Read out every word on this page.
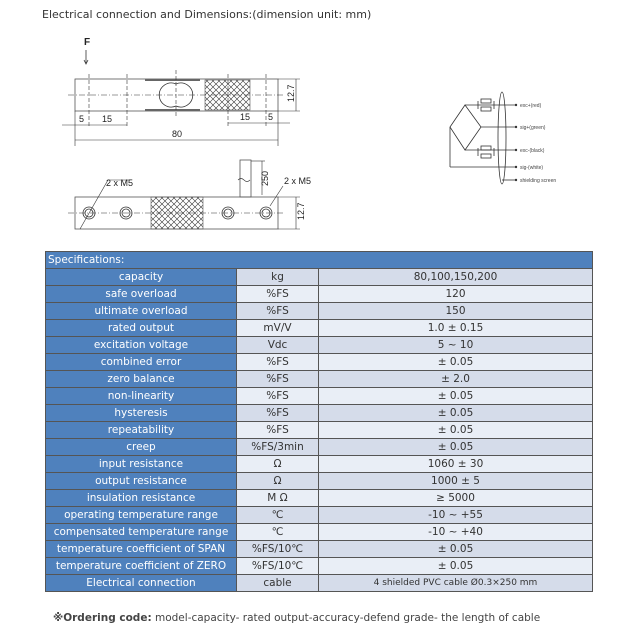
Electrical connection and Dimensions:(dimension unit: mm)
F
5 15	15 5
80
12.7
250
2 x M5	2 x M5
12.7
exc+(red)
sig+(green)
exc-(black)
sig-(white)
shielding screen
Specifications:		
capacity	kg	80,100,150,200
safe overload	%FS	120
ultimate overload	%FS	150
rated output	mV/V	1.0 ± 0.15
excitation voltage	Vdc	5 ~ 10
combined error	%FS	± 0.05
zero balance	%FS	± 2.0
non-linearity	%FS	± 0.05
hysteresis	%FS	± 0.05
repeatability	%FS	± 0.05
creep	%FS/3min	± 0.05
input resistance	Ω	1060 ± 30
output resistance	Ω	1000 ± 5
insulation resistance	M Ω	≥ 5000
operating temperature range	℃	-10 ~ +55
compensated temperature range	℃	-10 ~ +40
temperature coefficient of SPAN	%FS/10℃	± 0.05
temperature coefficient of ZERO	%FS/10℃	± 0.05
Electrical connection	cable	4 shielded PVC cable Ø0.3×250 mm
※Ordering code: model-capacity- rated output-accuracy-defend grade- the length of cable
